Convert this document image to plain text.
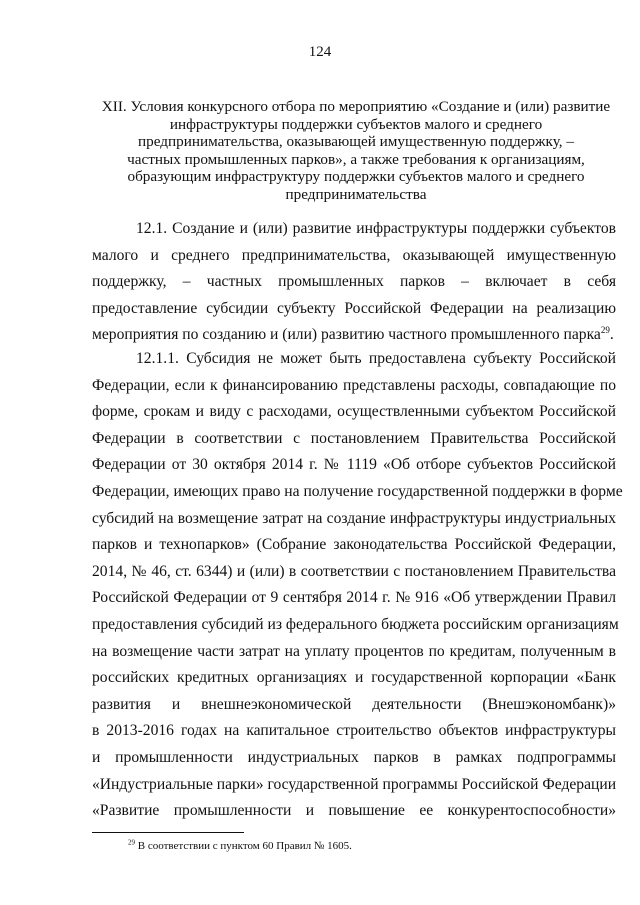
124
XII. Условия конкурсного отбора по мероприятию «Создание и (или) развитие
инфраструктуры поддержки субъектов малого и среднего
предпринимательства, оказывающей имущественную поддержку, –
частных промышленных парков», а также требования к организациям,
образующим инфраструктуру поддержки субъектов малого и среднего
предпринимательства
12.1. Создание и (или) развитие инфраструктуры поддержки субъектов
малого и среднего предпринимательства, оказывающей имущественную
поддержку, – частных промышленных парков – включает в себя
предоставление субсидии субъекту Российской Федерации на реализацию
мероприятия по созданию и (или) развитию частного промышленного парка$^{29}$.
12.1.1. Субсидия не может быть предоставлена субъекту Российской
Федерации, если к финансированию представлены расходы, совпадающие по
форме, срокам и виду с расходами, осуществленными субъектом Российской
Федерации в соответствии с постановлением Правительства Российской
Федерации от 30 октября 2014 г. № 1119 «Об отборе субъектов Российской
Федерации, имеющих право на получение государственной поддержки в форме
субсидий на возмещение затрат на создание инфраструктуры индустриальных
парков и технопарков» (Собрание законодательства Российской Федерации,
2014, № 46, ст. 6344) и (или) в соответствии с постановлением Правительства
Российской Федерации от 9 сентября 2014 г. № 916 «Об утверждении Правил
предоставления субсидий из федерального бюджета российским организациям
на возмещение части затрат на уплату процентов по кредитам, полученным в
российских кредитных организациях и государственной корпорации «Банк
развития и внешнеэкономической деятельности (Внешэкономбанк)»
в 2013-2016 годах на капитальное строительство объектов инфраструктуры
и промышленности индустриальных парков в рамках подпрограммы
«Индустриальные парки» государственной программы Российской Федерации
«Развитие промышленности и повышение ее конкурентоспособности»
$^{29}$ В соответствии с пунктом 60 Правил № 1605.
